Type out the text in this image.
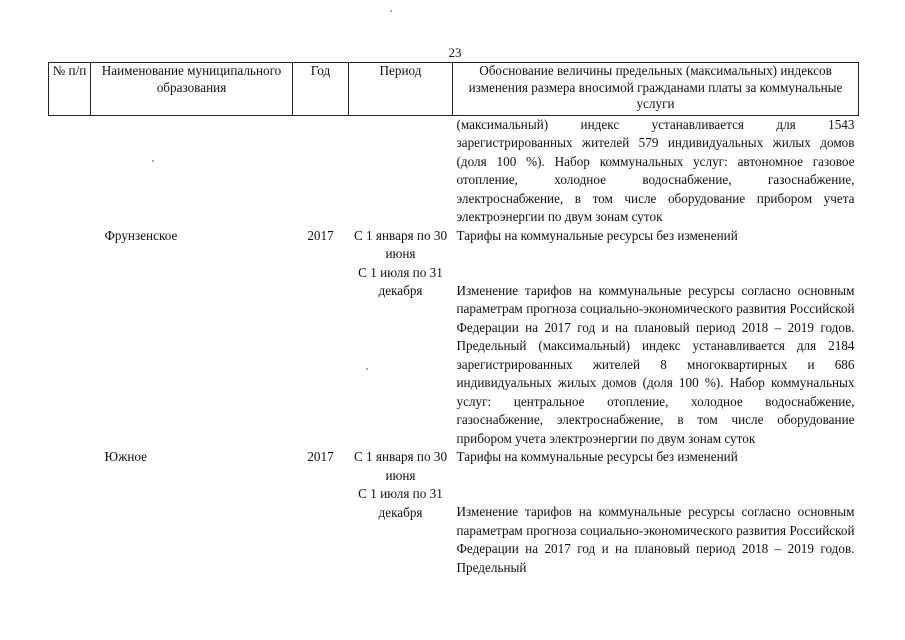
23
№ п/п	Наименование муниципального образования	Год	Период	Обоснование величины предельных (максимальных) индексов изменения размера вносимой гражданами платы за коммунальные услуги
				(максимальный) индекс устанавливается для 1543 зарегистрированных жителей 579 индивидуальных жилых домов (доля 100 %). Набор коммунальных услуг: автономное газовое отопление, холодное водоснабжение, газоснабжение, электроснабжение, в том числе оборудование прибором учета электроэнергии по двум зонам суток
	Фрунзенское	2017	С 1 января по 30 июня	Тарифы на коммунальные ресурсы без изменений
			С 1 июля по 31 декабря	Изменение тарифов на коммунальные ресурсы согласно основным параметрам прогноза социально-экономического развития Российской Федерации на 2017 год и на плановый период 2018 – 2019 годов. Предельный (максимальный) индекс устанавливается для 2184 зарегистрированных жителей 8 многоквартирных и 686 индивидуальных жилых домов (доля 100 %). Набор коммунальных услуг: центральное отопление, холодное водоснабжение, газоснабжение, электроснабжение, в том числе оборудование прибором учета электроэнергии по двум зонам суток
	Южное	2017	С 1 января по 30 июня	Тарифы на коммунальные ресурсы без изменений
			С 1 июля по 31 декабря	Изменение тарифов на коммунальные ресурсы согласно основным параметрам прогноза социально-экономического развития Российской Федерации на 2017 год и на плановый период 2018 – 2019 годов. Предельный
